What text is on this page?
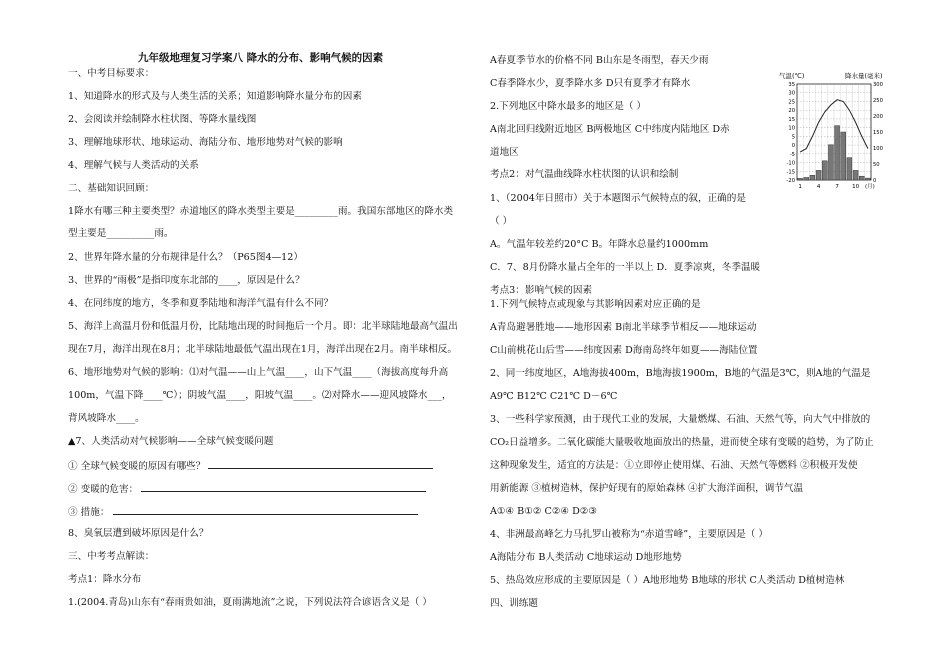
九年级地理复习学案八 降水的分布、影响气候的因素
一、中考目标要求：
1、知道降水的形式及与人类生活的关系；知道影响降水量分布的因素
2、会阅读并绘制降水柱状图、等降水量线图
3、理解地球形状、地球运动、海陆分布、地形地势对气候的影响
4、理解气候与人类活动的关系
二、基础知识回顾：
1降水有哪三种主要类型？赤道地区的降水类型主要是_________雨。我国东部地区的降水类
型主要是__________雨。
2、世界年降水量的分布规律是什么？（P65图4—12）
3、世界的“雨极”是指印度东北部的____，原因是什么？
4、在同纬度的地方，冬季和夏季陆地和海洋气温有什么不同？
5、海洋上高温月份和低温月份，比陆地出现的时间拖后一个月。即：北半球陆地最高气温出
现在7月，海洋出现在8月；北半球陆地最低气温出现在1月，海洋出现在2月。南半球相反。
6、地形地势对气候的影响：⑴对气温——山上气温____，山下气温____（海拔高度每升高
100m，气温下降____℃）；阴坡气温____，阳坡气温____。⑵对降水——迎风坡降水___，
背风坡降水____。
▲7、人类活动对气候影响——全球气候变暖问题
① 全球气候变暖的原因有哪些？
② 变暖的危害：
③ 措施：
8、臭氧层遭到破坏原因是什么？
三、中考考点解读：
考点1：降水分布
1.(2004.青岛)山东有“春雨贵如油，夏雨满地流”之说，下列说法符合谚语含义是（ ）
A春夏季节水的价格不同 B山东是冬雨型，春天少雨
C春季降水少，夏季降水多 D只有夏季才有降水
2.下列地区中降水最多的地区是（ ）
A南北回归线附近地区 B两极地区 C中纬度内陆地区 D赤
道地区
考点2：对气温曲线降水柱状图的认识和绘制
1、（2004年日照市）关于本题图示气候特点的叙，正确的是
（ ）
A。气温年较差约20°C B。年降水总量约1000mm
C．7、8月份降水量占全年的一半以上 D．夏季凉爽，冬季温暖
考点3：影响气候的因素
1.下列气候特点或现象与其影响因素对应正确的是
A青岛避暑胜地——地形因素 B南北半球季节相反——地球运动
C山前桃花山后雪——纬度因素 D海南岛终年如夏——海陆位置
2、同一纬度地区，A地海拔400m，B地海拔1900m，B地的气温是3℃，则A地的气温是
A9℃ B12℃ C21℃ D－6℃
3、一些科学家预测，由于现代工业的发展，大量燃煤、石油、天然气等，向大气中排放的
CO₂日益增多。二氧化碳能大量吸收地面放出的热量，进而使全球有变暖的趋势，为了防止
这种现象发生，适宜的方法是：①立即停止使用煤、石油、天然气等燃料 ②积极开发使
用新能源 ③植树造林，保护好现有的原始森林 ④扩大海洋面积，调节气温
A①④ B①② C②④ D②③
4、非洲最高峰乞力马扎罗山被称为“赤道雪峰”，主要原因是（ ）
A海陆分布 B人类活动 C地球运动 D地形地势
5、热岛效应形成的主要原因是（ ）A地形地势 B地球的形状 C人类活动 D植树造林
四、训练题
气温(℃)	降水量(毫米)
35
30
25
20
15
10
5
0
-5
-10
-15
-20
300
250
200
150
100
50
0
1	4	7 10 (月)
